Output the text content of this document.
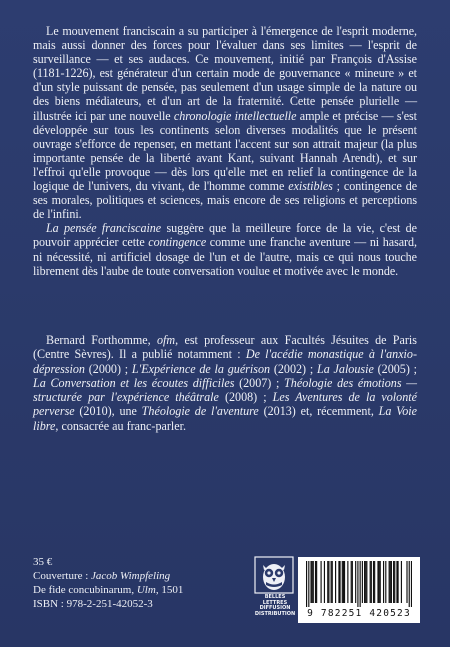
Le mouvement franciscain a su participer à l'émergence de l'esprit moderne, mais aussi donner des forces pour l'évaluer dans ses limites — l'esprit de surveillance — et ses audaces. Ce mouvement, initié par François d'Assise (1181-1226), est générateur d'un certain mode de gouvernance « mineure » et d'un style puissant de pensée, pas seulement d'un usage simple de la nature ou des biens médiateurs, et d'un art de la fraternité. Cette pensée plurielle — illustrée ici par une nouvelle chronologie intellectuelle ample et précise — s'est développée sur tous les continents selon diverses modalités que le présent ouvrage s'efforce de repenser, en mettant l'accent sur son attrait majeur (la plus importante pensée de la liberté avant Kant, suivant Hannah Arendt), et sur l'effroi qu'elle provoque — dès lors qu'elle met en relief la contingence de la logique de l'univers, du vivant, de l'homme comme existibles ; contingence de ses morales, politiques et sciences, mais encore de ses religions et perceptions de l'infini.

La pensée franciscaine suggère que la meilleure force de la vie, c'est de pouvoir apprécier cette contingence comme une franche aventure — ni hasard, ni nécessité, ni artificiel dosage de l'un et de l'autre, mais ce qui nous touche librement dès l'aube de toute conversation voulue et motivée avec le monde.

Bernard Forthomme, ofm, est professeur aux Facultés Jésuites de Paris (Centre Sèvres). Il a publié notamment : De l'acédie monastique à l'anxio-dépression (2000) ; L'Expérience de la guérison (2002) ; La Jalousie (2005) ; La Conversation et les écoutes difficiles (2007) ; Théologie des émotions — structurée par l'expérience théâtrale (2008) ; Les Aventures de la volonté perverse (2010), une Théologie de l'aventure (2013) et, récemment, La Voie libre, consacrée au franc-parler.

35 €
Couverture : Jacob Wimpfeling
De fide concubinarum, Ulm, 1501
ISBN : 978-2-251-42052-3
BELLES LETTRES
DIFFUSION
DISTRIBUTION	9 782251 420523
